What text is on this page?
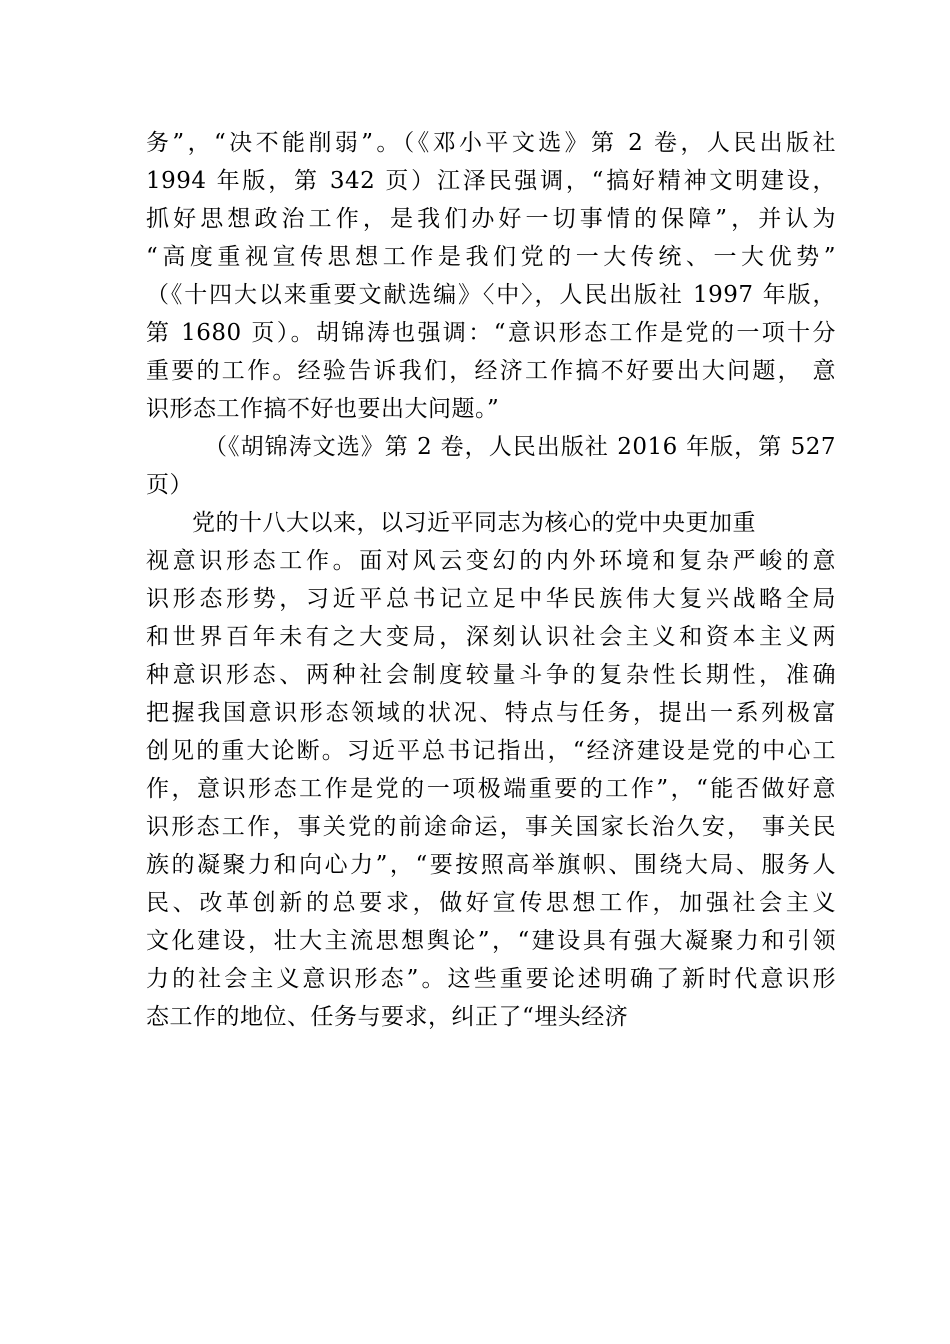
务”，“决不能削弱”。（《邓小平文选》第 2 卷，人民出版社
1994 年版，第 342 页）江泽民强调，“搞好精神文明建设，
抓好思想政治工作，是我们办好一切事情的保障”，并认为
“高度重视宣传思想工作是我们党的一大传统、一大优势”
（《十四大以来重要文献选编》〈中〉，人民出版社 1997 年版，
第 1680 页）。胡锦涛也强调：“意识形态工作是党的一项十分
重要的工作。经验告诉我们，经济工作搞不好要出大问题， 意
识形态工作搞不好也要出大问题。”
（《胡锦涛文选》第 2 卷，人民出版社 2016 年版，第 527
页）
党的十八大以来，以习近平同志为核心的党中央更加重
视意识形态工作。面对风云变幻的内外环境和复杂严峻的意
识形态形势，习近平总书记立足中华民族伟大复兴战略全局
和世界百年未有之大变局，深刻认识社会主义和资本主义两
种意识形态、两种社会制度较量斗争的复杂性长期性，准确
把握我国意识形态领域的状况、特点与任务，提出一系列极富
创见的重大论断。习近平总书记指出，“经济建设是党的中心工
作，意识形态工作是党的一项极端重要的工作”，“能否做好意
识形态工作，事关党的前途命运，事关国家长治久安， 事关民
族的凝聚力和向心力”，“要按照高举旗帜、围绕大局、服务人
民、改革创新的总要求，做好宣传思想工作，加强社会主义
文化建设，壮大主流思想舆论”，“建设具有强大凝聚力和引领
力的社会主义意识形态”。这些重要论述明确了新时代意识形
态工作的地位、任务与要求，纠正了“埋头经济
